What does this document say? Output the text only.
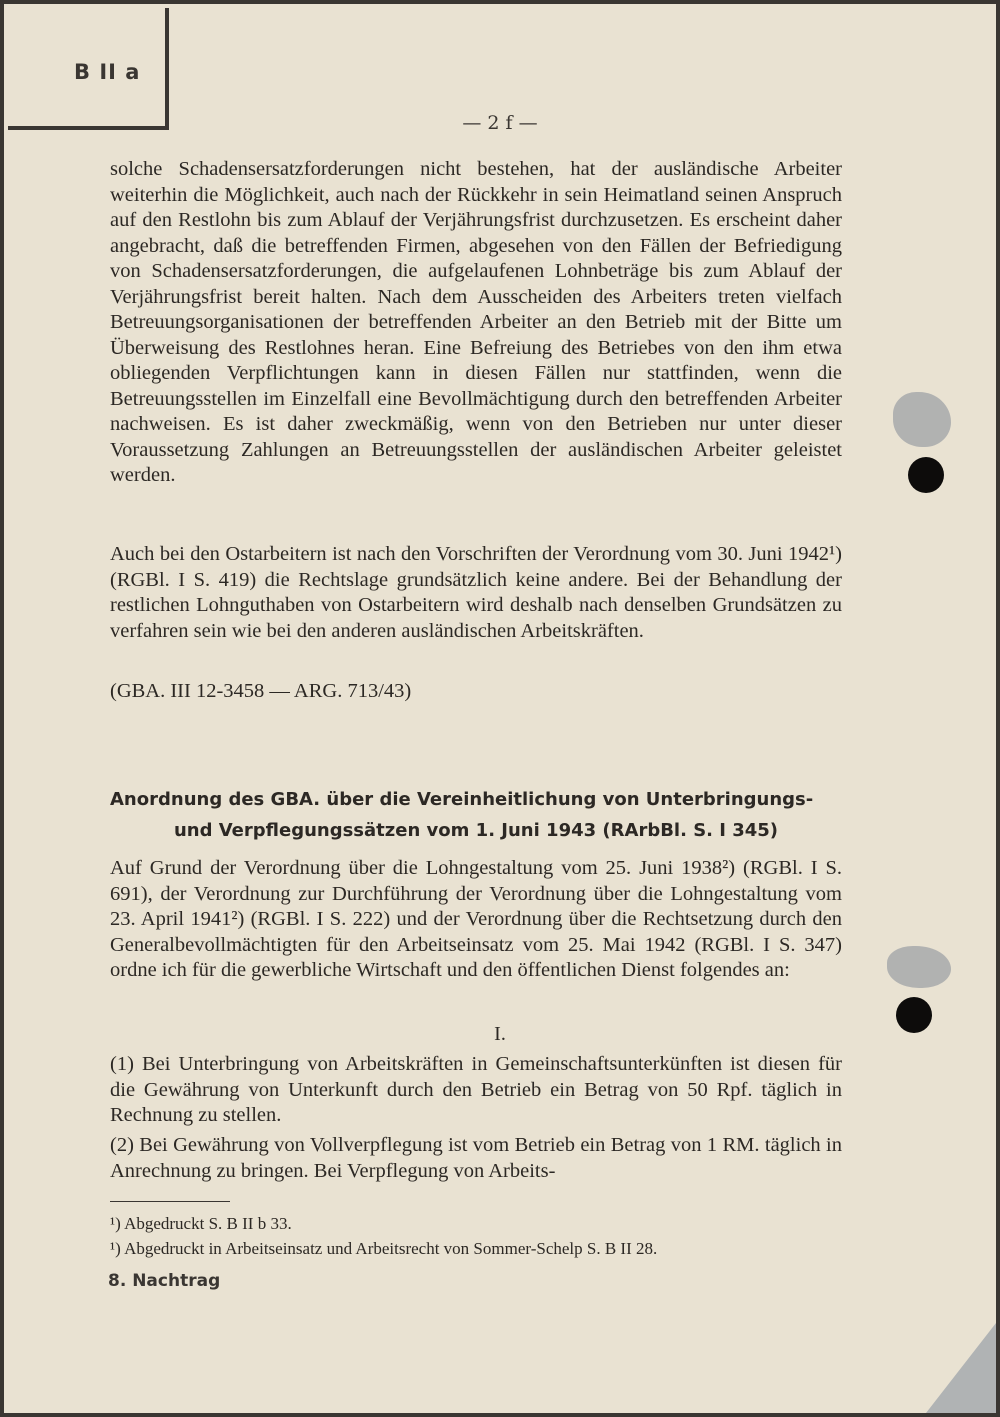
B II a
— 2 f —

solche Schadensersatzforderungen nicht bestehen, hat der ausländische Arbeiter weiterhin die Möglichkeit, auch nach der Rückkehr in sein Heimatland seinen Anspruch auf den Restlohn bis zum Ablauf der Verjährungsfrist durchzusetzen. Es erscheint daher angebracht, daß die betreffenden Firmen, abgesehen von den Fällen der Befriedigung von Schadensersatzforderungen, die aufgelaufenen Lohnbeträge bis zum Ablauf der Verjährungsfrist bereit halten. Nach dem Ausscheiden des Arbeiters treten vielfach Betreuungsorganisationen der betreffenden Arbeiter an den Betrieb mit der Bitte um Überweisung des Restlohnes heran. Eine Befreiung des Betriebes von den ihm etwa obliegenden Verpflichtungen kann in diesen Fällen nur stattfinden, wenn die Betreuungsstellen im Einzelfall eine Bevollmächtigung durch den betreffenden Arbeiter nachweisen. Es ist daher zweckmäßig, wenn von den Betrieben nur unter dieser Voraussetzung Zahlungen an Betreuungsstellen der ausländischen Arbeiter geleistet werden.

Auch bei den Ostarbeitern ist nach den Vorschriften der Verordnung vom 30. Juni 1942¹) (RGBl. I S. 419) die Rechtslage grundsätzlich keine andere. Bei der Behandlung der restlichen Lohnguthaben von Ostarbeitern wird deshalb nach denselben Grundsätzen zu verfahren sein wie bei den anderen ausländischen Arbeitskräften.

(GBA. III 12-3458 — ARG. 713/43)

Anordnung des GBA. über die Vereinheitlichung von Unterbringungs-
und Verpflegungssätzen vom 1. Juni 1943 (RArbBl. S. I 345)

Auf Grund der Verordnung über die Lohngestaltung vom 25. Juni 1938²) (RGBl. I S. 691), der Verordnung zur Durchführung der Verordnung über die Lohngestaltung vom 23. April 1941²) (RGBl. I S. 222) und der Verordnung über die Rechtsetzung durch den Generalbevollmächtigten für den Arbeitseinsatz vom 25. Mai 1942 (RGBl. I S. 347) ordne ich für die gewerbliche Wirtschaft und den öffentlichen Dienst folgendes an:

I.

(1) Bei Unterbringung von Arbeitskräften in Gemeinschaftsunterkünften ist diesen für die Gewährung von Unterkunft durch den Betrieb ein Betrag von 50 Rpf. täglich in Rechnung zu stellen.

(2) Bei Gewährung von Vollverpflegung ist vom Betrieb ein Betrag von 1 RM. täglich in Anrechnung zu bringen. Bei Verpflegung von Arbeits-

¹) Abgedruckt S. B II b 33.
¹) Abgedruckt in Arbeitseinsatz und Arbeitsrecht von Sommer-Schelp S. B II 28.
8. Nachtrag
